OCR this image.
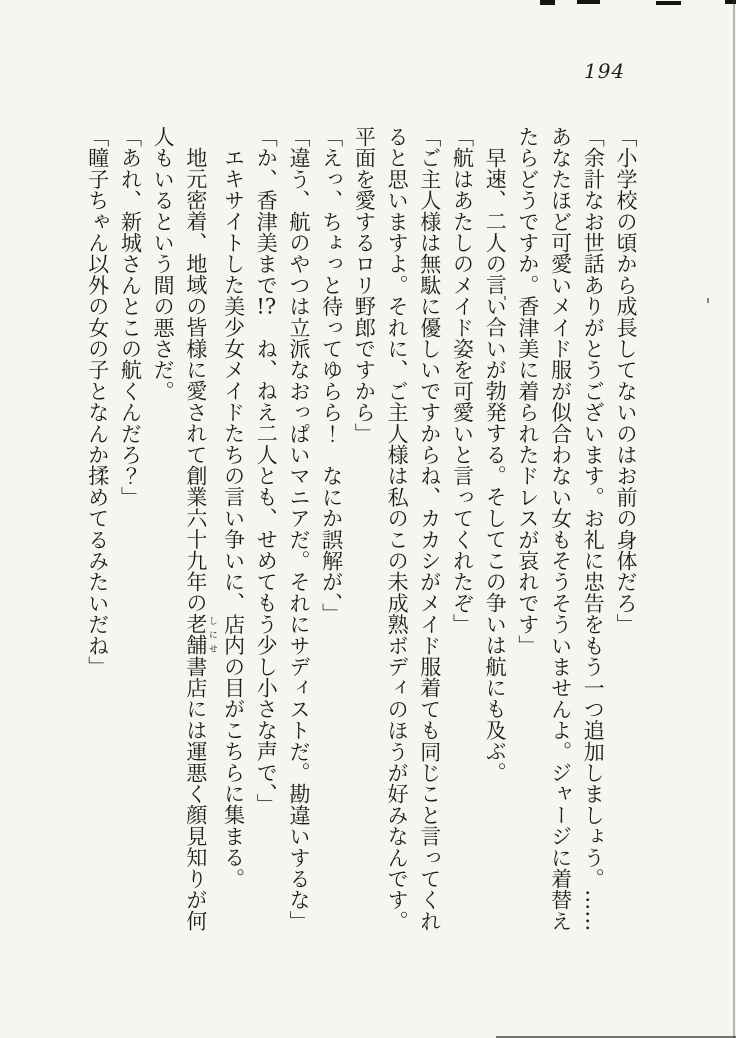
194

「小学校の頃から成長してないのはお前の身体だろ」

「余計なお世話ありがとうございます。お礼に忠告をもう一つ追加しましょう。……

あなたほど可愛いメイド服が似合わない女もそうそういませんよ。ジャージに着替え

たらどうですか。香津美に着られたドレスが哀れです」

早速、二人の言い合いが勃発する。そしてこの争いは航にも及ぶ。

「航はあたしのメイド姿を可愛いと言ってくれたぞ」

「ご主人様は無駄に優しいですからね、カカシがメイド服着ても同じこと言ってくれ

ると思いますよ。それに、ご主人様は私のこの未成熟ボディのほうが好みなんです。

平面を愛するロリ野郎ですから」

「えっ、ちょっと待ってゆらら！　なにか誤解が、」

「違う、航のやつは立派なおっぱいマニアだ。それにサディストだ。勘違いするな」

「か、香津美まで!?　ね、ねえ二人とも、せめてもう少し小さな声で、」

エキサイトした美少女メイドたちの言い争いに、店内の目がこちらに集まる。

地元密着、地域の皆様に愛されて創業六十九年の老舗 しにせ書店には運悪く顔見知りが何

人もいるという間の悪さだ。

「あれ、新城さんとこの航くんだろ？」

「瞳子ちゃん以外の女の子となんか揉めてるみたいだね」
